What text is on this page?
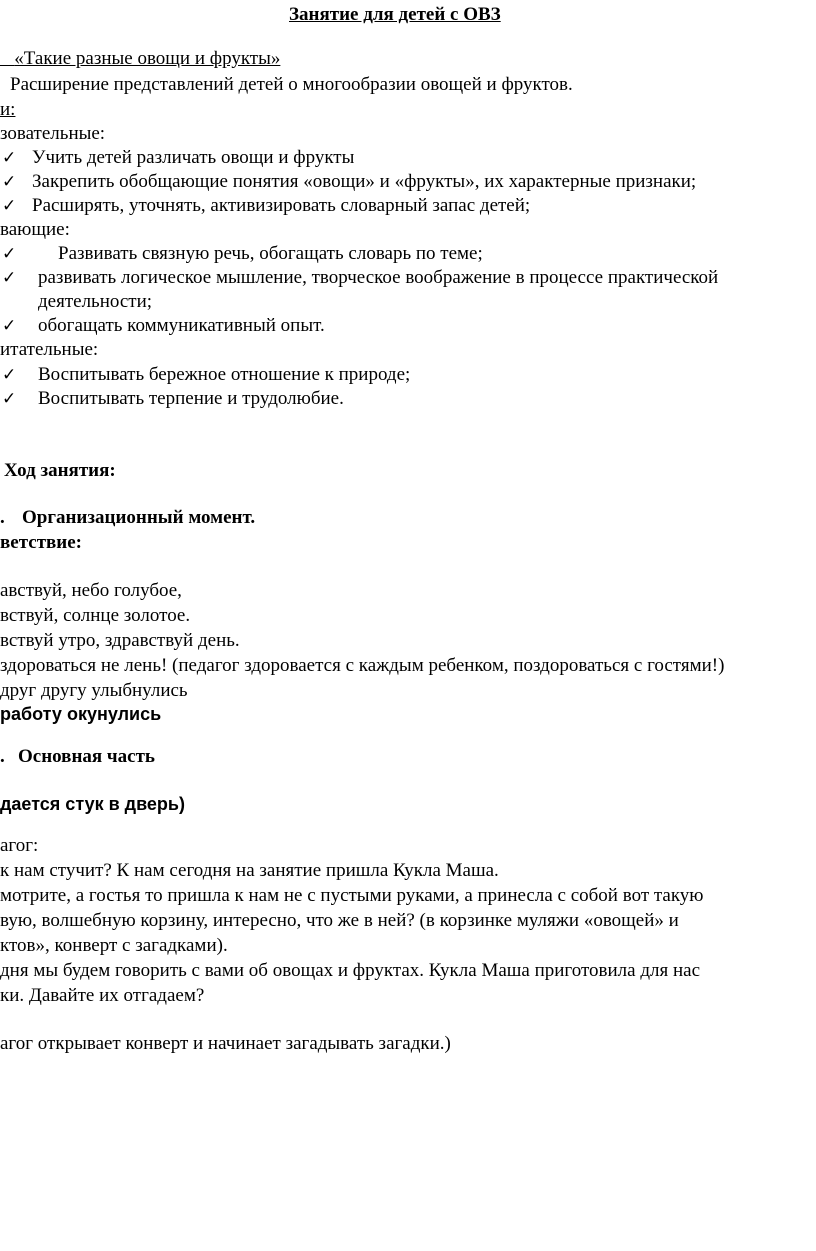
Занятие для детей с ОВЗ

«Такие разные овощи и фрукты»

Расширение представлений детей о многообразии овощей и фруктов.

и:

зовательные:

✓ Учить детей различать овощи и фрукты

✓ Закрепить обобщающие понятия «овощи» и «фрукты», их характерные признаки;

✓ Расширять, уточнять, активизировать словарный запас детей;

вающие:

✓ Развивать связную речь, обогащать словарь по теме;

✓ развивать логическое мышление, творческое воображение в процессе практической

деятельности;

✓ обогащать коммуникативный опыт.

итательные:

✓ Воспитывать бережное отношение к природе;

✓ Воспитывать терпение и трудолюбие.

Ход занятия:

. Организационный момент.

ветствие:

авствуй, небо голубое,

вствуй, солнце золотое.

вствуй утро, здравствуй день.

здороваться не лень! (педагог здоровается с каждым ребенком, поздороваться с гостями!)

друг другу улыбнулись

работу окунулись

. Основная часть

дается стук в дверь)

агог:

к нам стучит? К нам сегодня на занятие пришла Кукла Маша.

мотрите, а гостья то пришла к нам не с пустыми руками, а принесла с собой вот такую

вую, волшебную корзину, интересно, что же в ней? (в корзинке муляжи «овощей» и

ктов», конверт с загадками).

дня мы будем говорить с вами об овощах и фруктах. Кукла Маша приготовила для нас

ки. Давайте их отгадаем?

агог открывает конверт и начинает загадывать загадки.)
